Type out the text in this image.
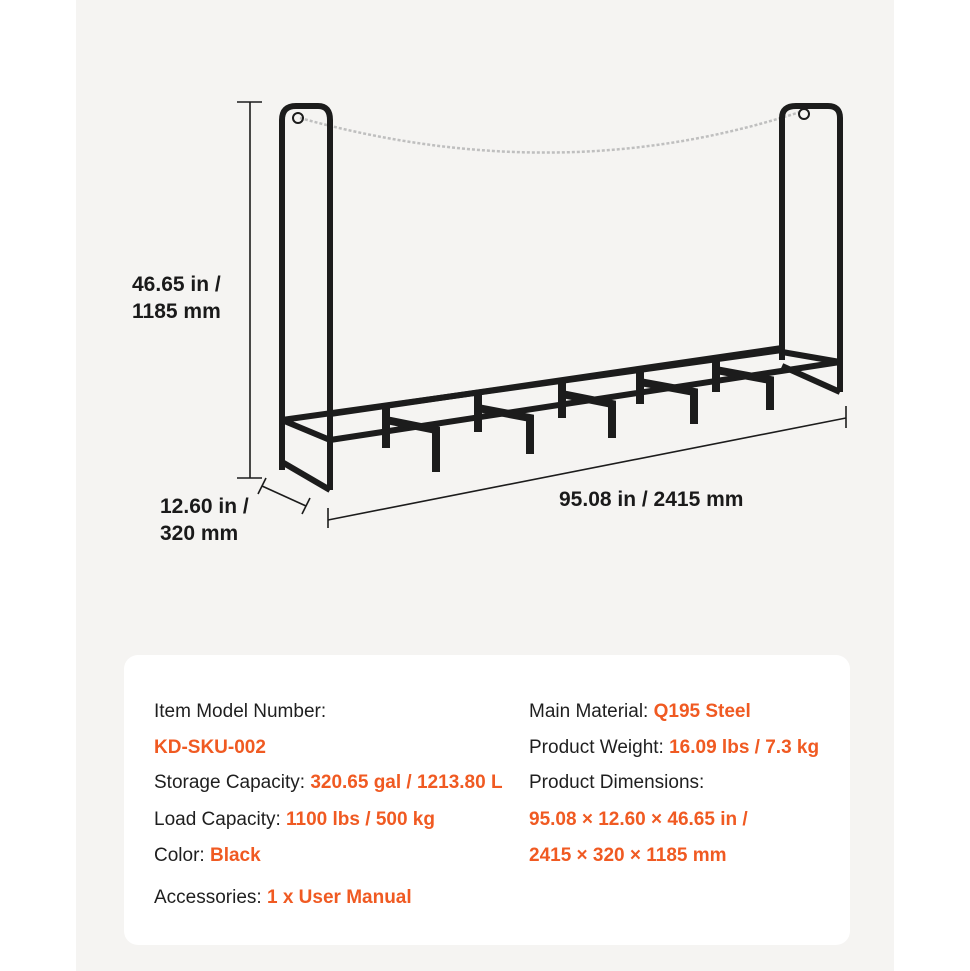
46.65 in /
1185 mm
12.60 in /
320 mm
95.08 in / 2415 mm
Item Model Number:
KD-SKU-002
Storage Capacity: 320.65 gal / 1213.80 L
Load Capacity: 1100 lbs / 500 kg
Color: Black
Accessories: 1 x User Manual
Main Material: Q195 Steel
Product Weight: 16.09 lbs / 7.3 kg
Product Dimensions:
95.08 × 12.60 × 46.65 in /
2415 × 320 × 1185 mm
